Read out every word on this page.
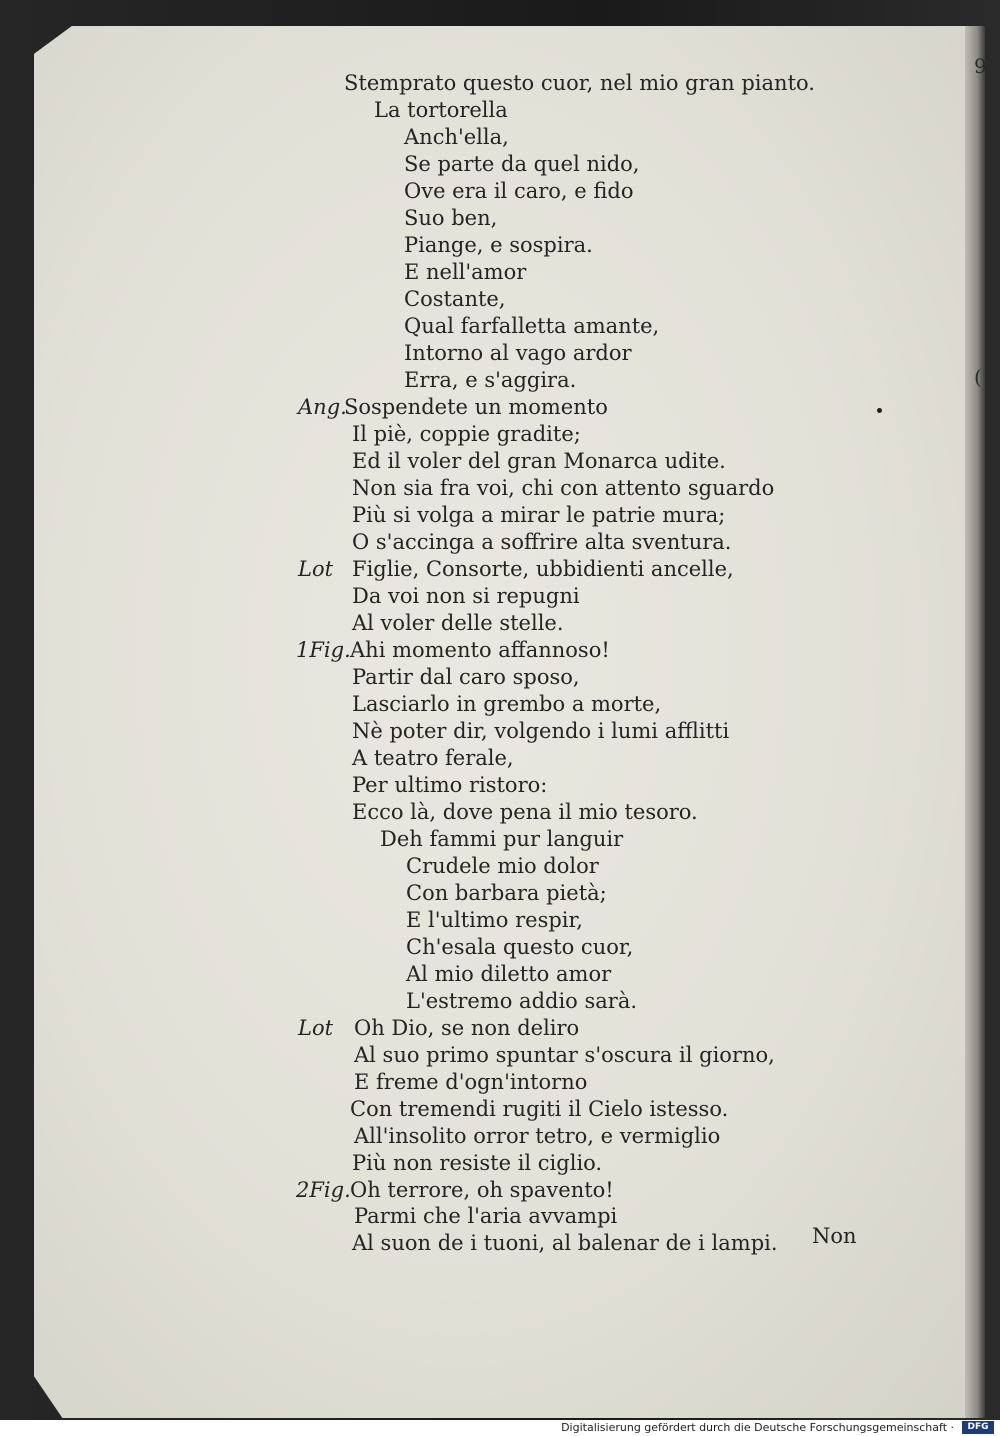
95
(
Stemprato questo cuor, nel mio gran pianto.
La tortorella
Anch'ella,
Se parte da quel nido,
Ove era il caro, e fido
Suo ben,
Piange, e sospira.
E nell'amor
Costante,
Qual farfalletta amante,
Intorno al vago ardor
Erra, e s'aggira.
Ang.
Sospendete un momento
Il piè, coppie gradite;
Ed il voler del gran Monarca udite.
Non sia fra voi, chi con attento sguardo
Più si volga a mirar le patrie mura;
O s'accinga a soffrire alta sventura.
Lot Figlie, Consorte, ubbidienti ancelle,
Da voi non si repugni
Al voler delle stelle.
1Fig. Ahi momento affannoso!
Partir dal caro sposo,
Lasciarlo in grembo a morte,
Nè poter dir, volgendo i lumi afflitti
A teatro ferale,
Per ultimo ristoro:
Ecco là, dove pena il mio tesoro.
Deh fammi pur languir
Crudele mio dolor
Con barbara pietà;
E l'ultimo respir,
Ch'esala questo cuor,
Al mio diletto amor
L'estremo addio sarà.
Lot Oh Dio, se non deliro
Al suo primo spuntar s'oscura il giorno,
E freme d'ogn'intorno
Con tremendi rugiti il Cielo istesso.
All'insolito orror tetro, e vermiglio
Più non resiste il ciglio.
2Fig. Oh terrore, oh spavento!
Parmi che l'aria avvampi
Al suon de i tuoni, al balenar de i lampi. Non
Digitalisierung gefördert durch die Deutsche Forschungsgemeinschaft ·	DFG
